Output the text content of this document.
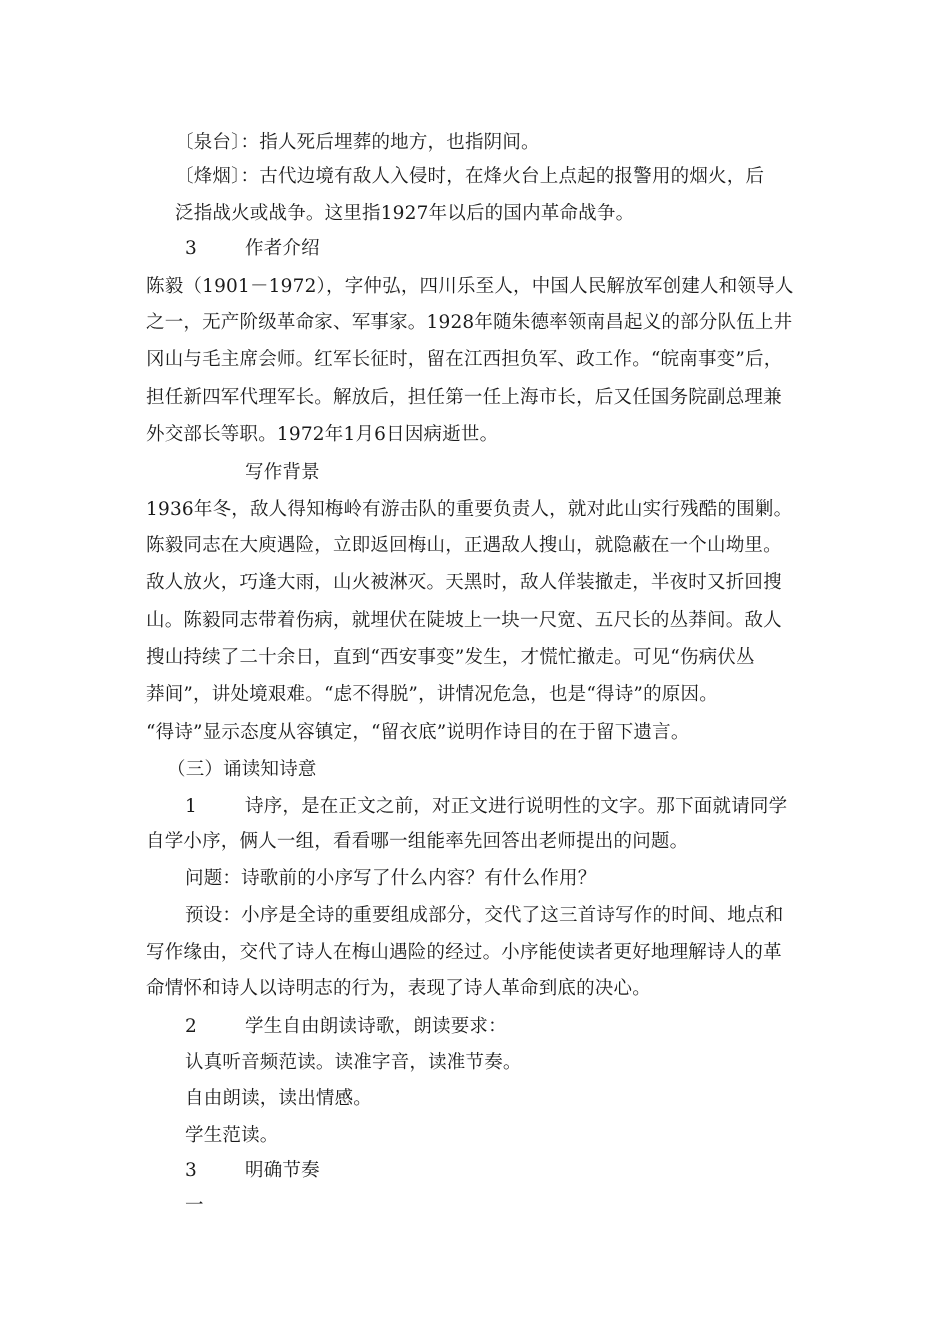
〔泉台〕：指人死后埋葬的地方，也指阴间。
〔烽烟〕：古代边境有敌人入侵时，在烽火台上点起的报警用的烟火，后
泛指战火或战争。这里指1927年以后的国内革命战争。
3	作者介绍
陈毅（1901－1972），字仲弘，四川乐至人，中国人民解放军创建人和领导人
之一，无产阶级革命家、军事家。1928年随朱德率领南昌起义的部分队伍上井
冈山与毛主席会师。红军长征时，留在江西担负军、政工作。“皖南事变”后，
担任新四军代理军长。解放后，担任第一任上海市长，后又任国务院副总理兼
外交部长等职。1972年1月6日因病逝世。
写作背景
1936年冬，敌人得知梅岭有游击队的重要负责人，就对此山实行残酷的围剿。
陈毅同志在大庾遇险，立即返回梅山，正遇敌人搜山，就隐蔽在一个山坳里。
敌人放火，巧逢大雨，山火被淋灭。天黑时，敌人佯装撤走，半夜时又折回搜
山。陈毅同志带着伤病，就埋伏在陡坡上一块一尺宽、五尺长的丛莽间。敌人
搜山持续了二十余日，直到“西安事变”发生，才慌忙撤走。可见“伤病伏丛
莽间”，讲处境艰难。“虑不得脱”，讲情况危急，也是“得诗”的原因。
“得诗”显示态度从容镇定，“留衣底”说明作诗目的在于留下遗言。
（三）诵读知诗意
1	诗序，是在正文之前，对正文进行说明性的文字。那下面就请同学
自学小序，俩人一组，看看哪一组能率先回答出老师提出的问题。
问题：诗歌前的小序写了什么内容？有什么作用？
预设：小序是全诗的重要组成部分，交代了这三首诗写作的时间、地点和
写作缘由，交代了诗人在梅山遇险的经过。小序能使读者更好地理解诗人的革
命情怀和诗人以诗明志的行为，表现了诗人革命到底的决心。
2	学生自由朗读诗歌，朗读要求：
认真听音频范读。读准字音，读准节奏。
自由朗读，读出情感。
学生范读。
3	明确节奏
一
